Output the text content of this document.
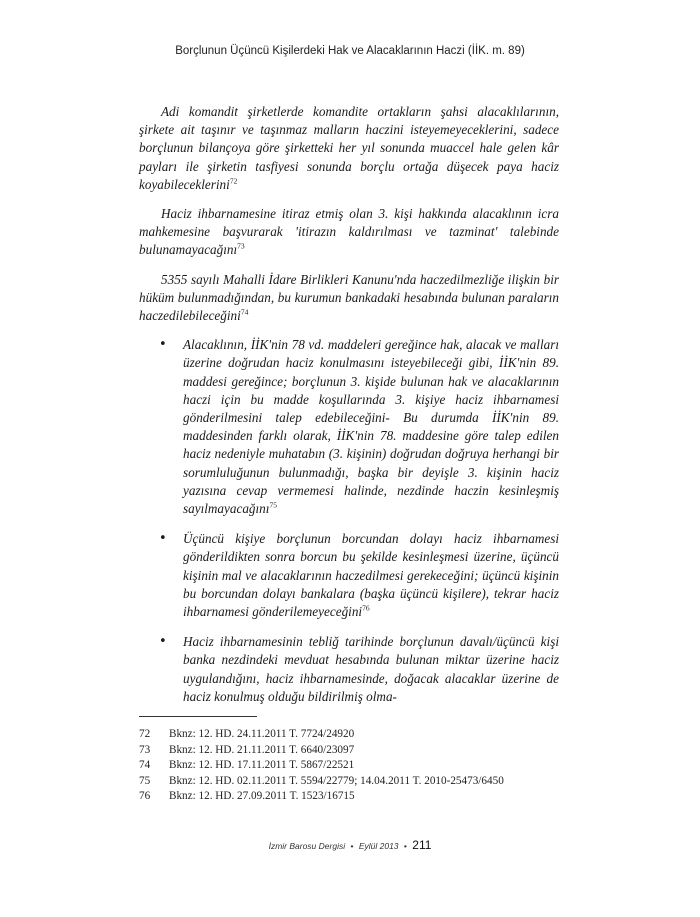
Borçlunun Üçüncü Kişilerdeki Hak ve Alacaklarının Haczi (İİK. m. 89)

Adi komandit şirketlerde komandite ortakların şahsi alacaklılarının, şirkete ait taşınır ve taşınmaz malların haczini isteyemeyeceklerini, sadece borçlunun bilançoya göre şirketteki her yıl sonunda muaccel hale gelen kâr payları ile şirketin tasfiyesi sonunda borçlu ortağa düşecek paya haciz koyabileceklerini$^{72}$

Haciz ihbarnamesine itiraz etmiş olan 3. kişi hakkında alacaklının icra mahkemesine başvurarak 'itirazın kaldırılması ve tazminat' talebinde bulunamayacağını$^{73}$

5355 sayılı Mahalli İdare Birlikleri Kanunu'nda haczedilmezliğe ilişkin bir hüküm bulunmadığından, bu kurumun bankadaki hesabında bulunan paraların haczedilebileceğini$^{74}$

• Alacaklının, İİK'nin 78 vd. maddeleri gereğince hak, alacak ve malları üzerine doğrudan haciz konulmasını isteyebileceği gibi, İİK'nin 89. maddesi gereğince; borçlunun 3. kişide bulunan hak ve alacaklarının haczi için bu madde koşullarında 3. kişiye haciz ihbarnamesi gönderilmesini talep edebileceğini- Bu durumda İİK'nin 89. maddesinden farklı olarak, İİK'nin 78. maddesine göre talep edilen haciz nedeniyle muhatabın (3. kişinin) doğrudan doğruya herhangi bir sorumluluğunun bulunmadığı, başka bir deyişle 3. kişinin haciz yazısına cevap vermemesi halinde, nezdinde haczin kesinleşmiş sayılmayacağını$^{75}$
• Üçüncü kişiye borçlunun borcundan dolayı haciz ihbarnamesi gönderildikten sonra borcun bu şekilde kesinleşmesi üzerine, üçüncü kişinin mal ve alacaklarının haczedilmesi gerekeceğini; üçüncü kişinin bu borcundan dolayı bankalara (başka üçüncü kişilere), tekrar haciz ihbarnamesi gönderilemeyeceğini$^{76}$
• Haciz ihbarnamesinin tebliğ tarihinde borçlunun davalı/üçüncü kişi banka nezdindeki mevduat hesabında bulunan miktar üzerine haciz uygulandığını, haciz ihbarnamesinde, doğacak alacaklar üzerine de haciz konulmuş olduğu bildirilmiş olma-
72	Bknz: 12. HD. 24.11.2011 T. 7724/24920
73	Bknz: 12. HD. 21.11.2011 T. 6640/23097
74	Bknz: 12. HD. 17.11.2011 T. 5867/22521
75	Bknz: 12. HD. 02.11.2011 T. 5594/22779; 14.04.2011 T. 2010-25473/6450
76	Bknz: 12. HD. 27.09.2011 T. 1523/16715
İzmir Barosu Dergisi • Eylül 2013 • 211
